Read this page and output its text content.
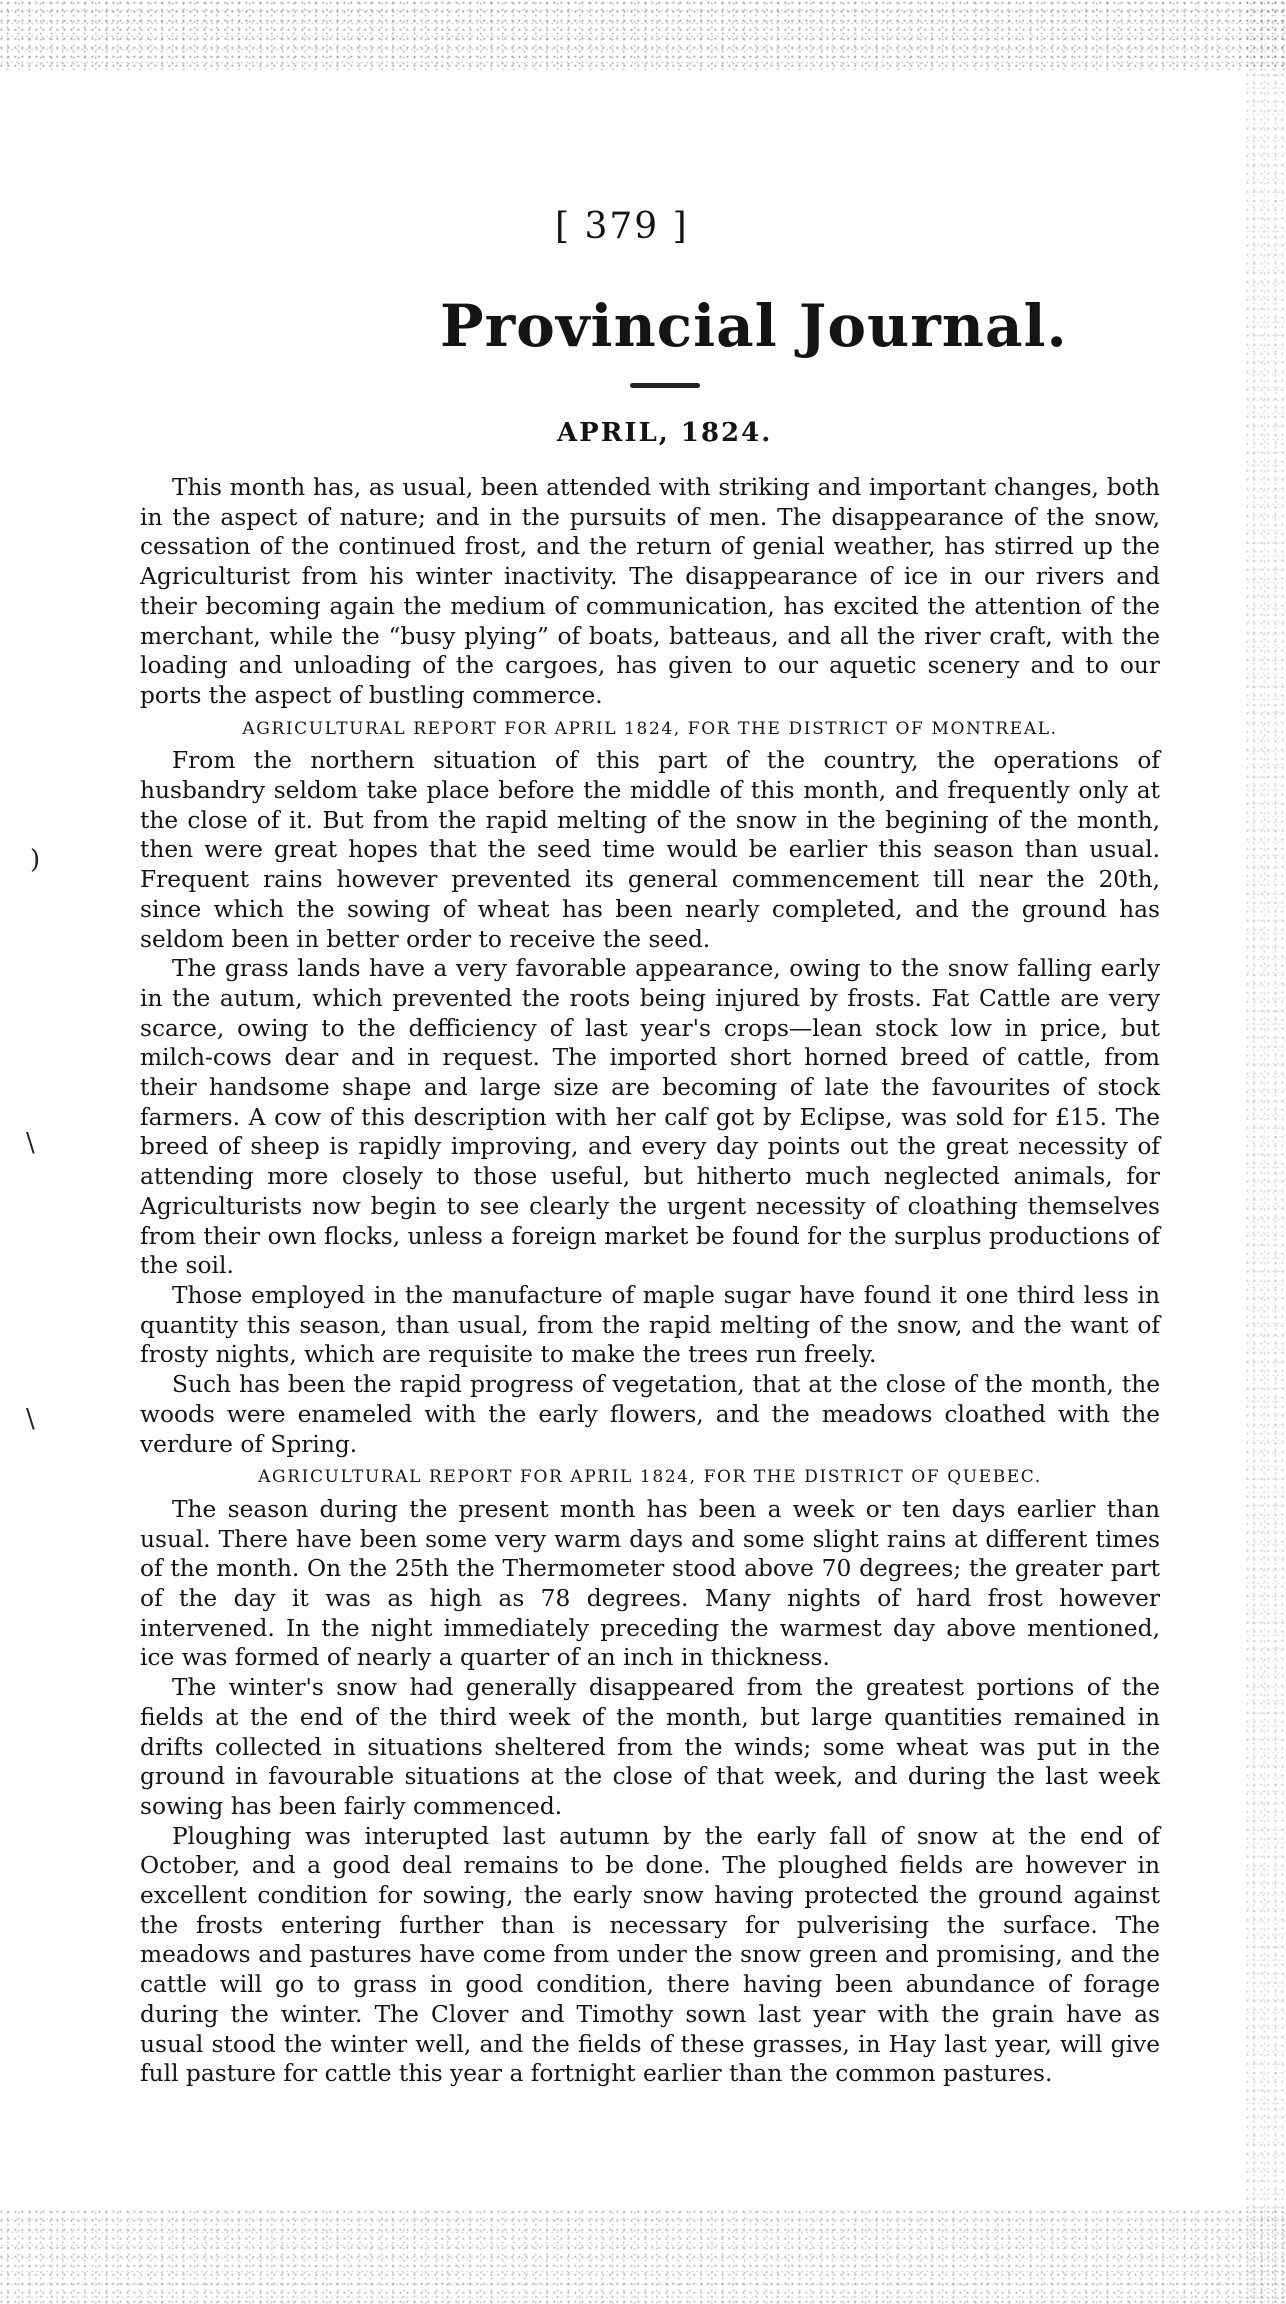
[ 379 ]
Provincial Journal.
APRIL, 1824.
)
\
\

This month has, as usual, been attended with striking and important changes, both in the aspect of nature; and in the pursuits of men. The disappearance of the snow, cessation of the continued frost, and the return of genial weather, has stirred up the Agriculturist from his winter inactivity. The disappearance of ice in our rivers and their becoming again the medium of communication, has excited the attention of the merchant, while the “busy plying” of boats, batteaus, and all the river craft, with the loading and unloading of the cargoes, has given to our aquetic scenery and to our ports the aspect of bustling commerce.

AGRICULTURAL REPORT FOR APRIL 1824, FOR THE DISTRICT OF MONTREAL.

From the northern situation of this part of the country, the operations of husbandry seldom take place before the middle of this month, and frequently only at the close of it. But from the rapid melting of the snow in the begining of the month, then were great hopes that the seed time would be earlier this season than usual. Frequent rains however prevented its general commencement till near the 20th, since which the sowing of wheat has been nearly completed, and the ground has seldom been in better order to receive the seed.

The grass lands have a very favorable appearance, owing to the snow falling early in the autum, which prevented the roots being injured by frosts. Fat Cattle are very scarce, owing to the defficiency of last year's crops—lean stock low in price, but milch-cows dear and in request. The imported short horned breed of cattle, from their handsome shape and large size are becoming of late the favourites of stock farmers. A cow of this description with her calf got by Eclipse, was sold for £15. The breed of sheep is rapidly improving, and every day points out the great necessity of attending more closely to those useful, but hitherto much neglected animals, for Agriculturists now begin to see clearly the urgent necessity of cloathing themselves from their own flocks, unless a foreign market be found for the surplus productions of the soil.

Those employed in the manufacture of maple sugar have found it one third less in quantity this season, than usual, from the rapid melting of the snow, and the want of frosty nights, which are requisite to make the trees run freely.

Such has been the rapid progress of vegetation, that at the close of the month, the woods were enameled with the early flowers, and the meadows cloathed with the verdure of Spring.

AGRICULTURAL REPORT FOR APRIL 1824, FOR THE DISTRICT OF QUEBEC.

The season during the present month has been a week or ten days earlier than usual. There have been some very warm days and some slight rains at different times of the month. On the 25th the Thermometer stood above 70 degrees; the greater part of the day it was as high as 78 degrees. Many nights of hard frost however intervened. In the night immediately preceding the warmest day above mentioned, ice was formed of nearly a quarter of an inch in thickness.

The winter's snow had generally disappeared from the greatest portions of the fields at the end of the third week of the month, but large quantities remained in drifts collected in situations sheltered from the winds; some wheat was put in the ground in favourable situations at the close of that week, and during the last week sowing has been fairly commenced.

Ploughing was interupted last autumn by the early fall of snow at the end of October, and a good deal remains to be done. The ploughed fields are however in excellent condition for sowing, the early snow having protected the ground against the frosts entering further than is necessary for pulverising the surface. The meadows and pastures have come from under the snow green and promising, and the cattle will go to grass in good condition, there having been abundance of forage during the winter. The Clover and Timothy sown last year with the grain have as usual stood the winter well, and the fields of these grasses, in Hay last year, will give full pasture for cattle this year a fortnight earlier than the common pastures.
